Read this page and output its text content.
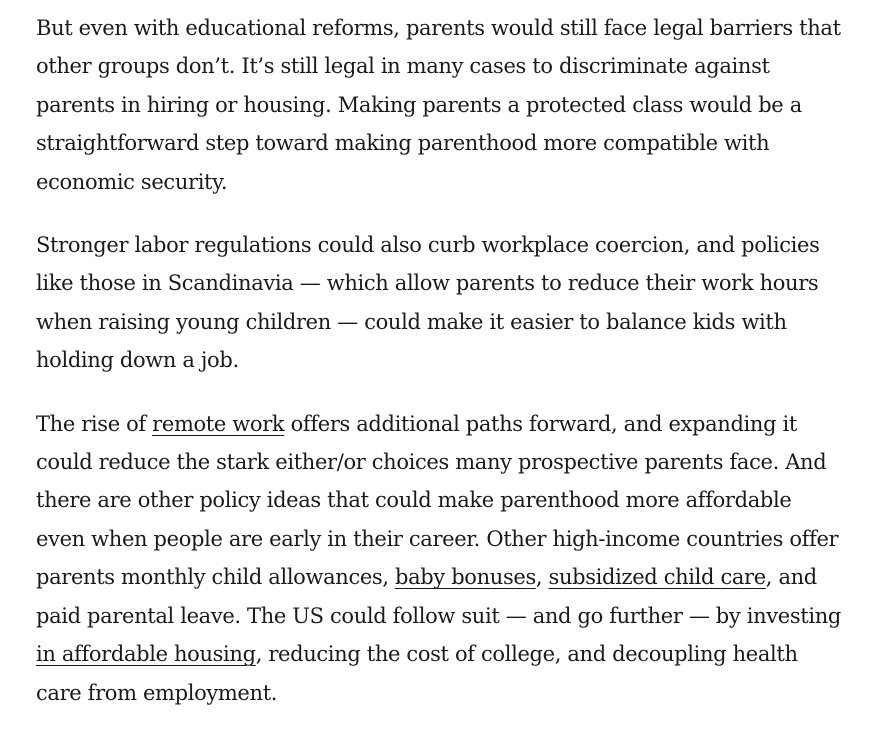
But even with educational reforms, parents would still face legal barriers that other groups don’t. It’s still legal in many cases to discriminate against parents in hiring or housing. Making parents a protected class would be a straightforward step toward making parenthood more compatible with economic security.

Stronger labor regulations could also curb workplace coercion, and policies like those in Scandinavia — which allow parents to reduce their work hours when raising young children — could make it easier to balance kids with holding down a job.

The rise of remote work offers additional paths forward, and expanding it could reduce the stark either/or choices many prospective parents face. And there are other policy ideas that could make parenthood more affordable even when people are early in their career. Other high-income countries offer parents monthly child allowances, baby bonuses, subsidized child care, and paid parental leave. The US could follow suit — and go further — by investing in affordable housing, reducing the cost of college, and decoupling health care from employment.
